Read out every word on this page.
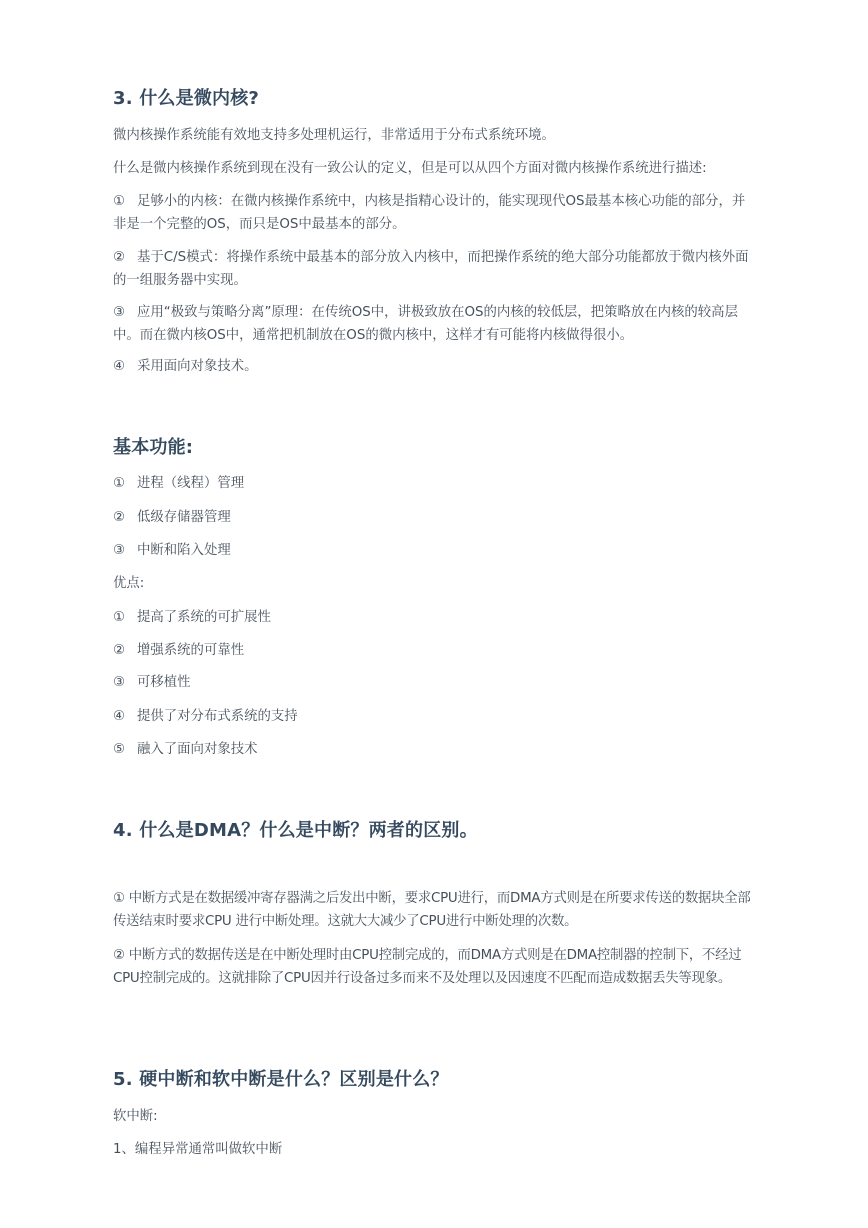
3. 什么是微内核?

微内核操作系统能有效地支持多处理机运行，非常适用于分布式系统环境。

什么是微内核操作系统到现在没有一致公认的定义，但是可以从四个方面对微内核操作系统进行描述:

① 足够小的内核：在微内核操作系统中，内核是指精心设计的，能实现现代OS最基本核心功能的部分，并非是一个完整的OS，而只是OS中最基本的部分。

② 基于C/S模式：将操作系统中最基本的部分放入内核中，而把操作系统的绝大部分功能都放于微内核外面的一组服务器中实现。

③ 应用“极致与策略分离”原理：在传统OS中，讲极致放在OS的内核的较低层，把策略放在内核的较高层中。而在微内核OS中，通常把机制放在OS的微内核中，这样才有可能将内核做得很小。

④ 采用面向对象技术。

基本功能:

① 进程（线程）管理

② 低级存储器管理

③ 中断和陷入处理

优点:

① 提高了系统的可扩展性

② 增强系统的可靠性

③ 可移植性

④ 提供了对分布式系统的支持

⑤ 融入了面向对象技术

4. 什么是DMA？什么是中断？两者的区别。

① 中断方式是在数据缓冲寄存器满之后发出中断，要求CPU进行，而DMA方式则是在所要求传送的数据块全部传送结束时要求CPU 进行中断处理。这就大大减少了CPU进行中断处理的次数。

② 中断方式的数据传送是在中断处理时由CPU控制完成的，而DMA方式则是在DMA控制器的控制下，不经过CPU控制完成的。这就排除了CPU因并行设备过多而来不及处理以及因速度不匹配而造成数据丢失等现象。

5. 硬中断和软中断是什么？区别是什么？

软中断:

1、编程异常通常叫做软中断
